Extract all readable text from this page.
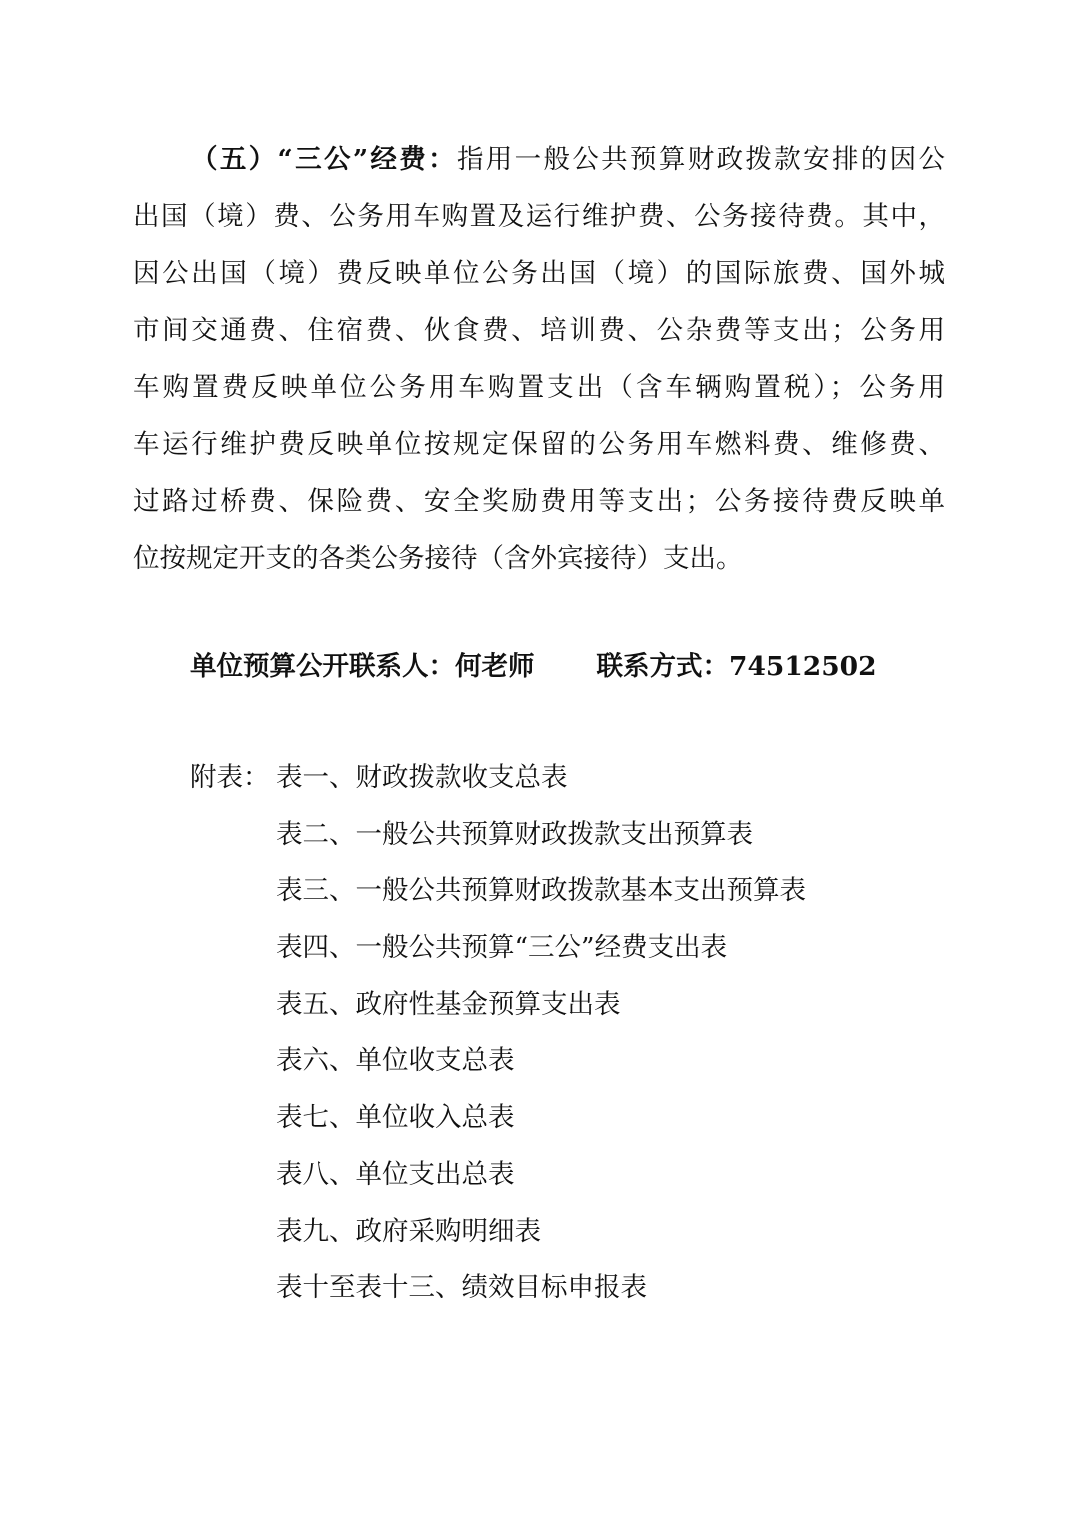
（五）“三公”经费：指用一般公共预算财政拨款安排的因公
出国（境）费、公务用车购置及运行维护费、公务接待费。其中，
因公出国（境）费反映单位公务出国（境）的国际旅费、国外城
市间交通费、住宿费、伙食费、培训费、公杂费等支出；公务用
车购置费反映单位公务用车购置支出（含车辆购置税）；公务用
车运行维护费反映单位按规定保留的公务用车燃料费、维修费、
过路过桥费、保险费、安全奖励费用等支出；公务接待费反映单
位按规定开支的各类公务接待（含外宾接待）支出。
单位预算公开联系人：何老师 联系方式：74512502
附表： 表一、财政拨款收支总表
表二、一般公共预算财政拨款支出预算表
表三、一般公共预算财政拨款基本支出预算表
表四、一般公共预算“三公”经费支出表
表五、政府性基金预算支出表
表六、单位收支总表
表七、单位收入总表
表八、单位支出总表
表九、政府采购明细表
表十至表十三、绩效目标申报表
